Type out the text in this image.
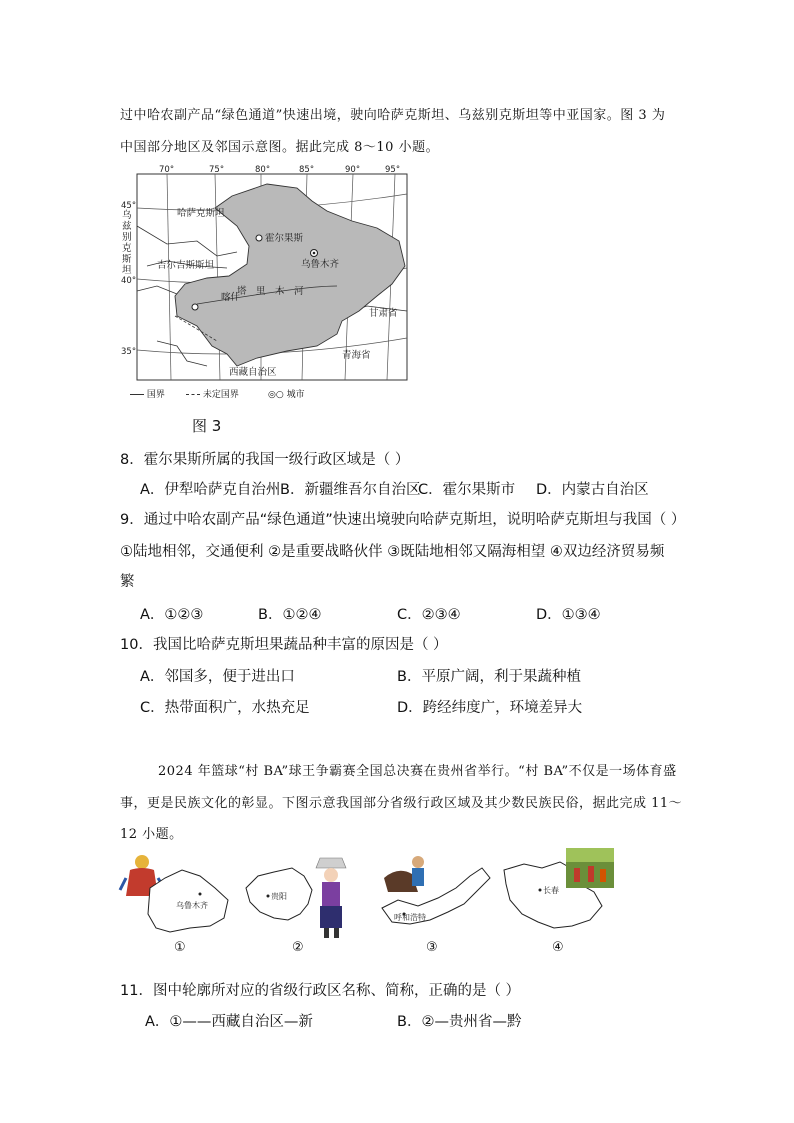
过中哈农副产品“绿色通道”快速出境，驶向哈萨克斯坦、乌兹别克斯坦等中亚国家。图 3 为
中国部分地区及邻国示意图。据此完成 8～10 小题。
70°	75°	80°	85°	90°	95°
45°
40°
35°
哈萨克斯坦
吉尔吉斯斯坦
霍尔果斯
乌鲁木齐
喀什
塔　里　木　河
甘肃省
青海省
西藏自治区
乌兹别克斯坦
国界	未定国界	◎○ 城市
图 3
8．霍尔果斯所属的我国一级行政区域是（ ）
A．伊犁哈萨克自治州 B．新疆维吾尔自治区
C．霍尔果斯市 D．内蒙古自治区
9．通过中哈农副产品“绿色通道”快速出境驶向哈萨克斯坦，说明哈萨克斯坦与我国（ ）
①陆地相邻，交通便利 ②是重要战略伙伴 ③既陆地相邻又隔海相望 ④双边经济贸易频
繁
A．①②③	B．①②④	C．②③④	D．①③④
10．我国比哈萨克斯坦果蔬品种丰富的原因是（ ）
A．邻国多，便于进出口	B．平原广阔，利于果蔬种植
C．热带面积广，水热充足	D．跨经纬度广，环境差异大
2024 年篮球“村 BA”球王争霸赛全国总决赛在贵州省举行。“村 BA”不仅是一场体育盛
事，更是民族文化的彰显。下图示意我国部分省级行政区域及其少数民族民俗，据此完成 11～
12 小题。
乌鲁木齐
①
贵阳
②
呼和浩特
③
长春
④
11．图中轮廓所对应的省级行政区名称、简称，正确的是（ ）
A．①——西藏自治区—新	B．②—贵州省—黔
